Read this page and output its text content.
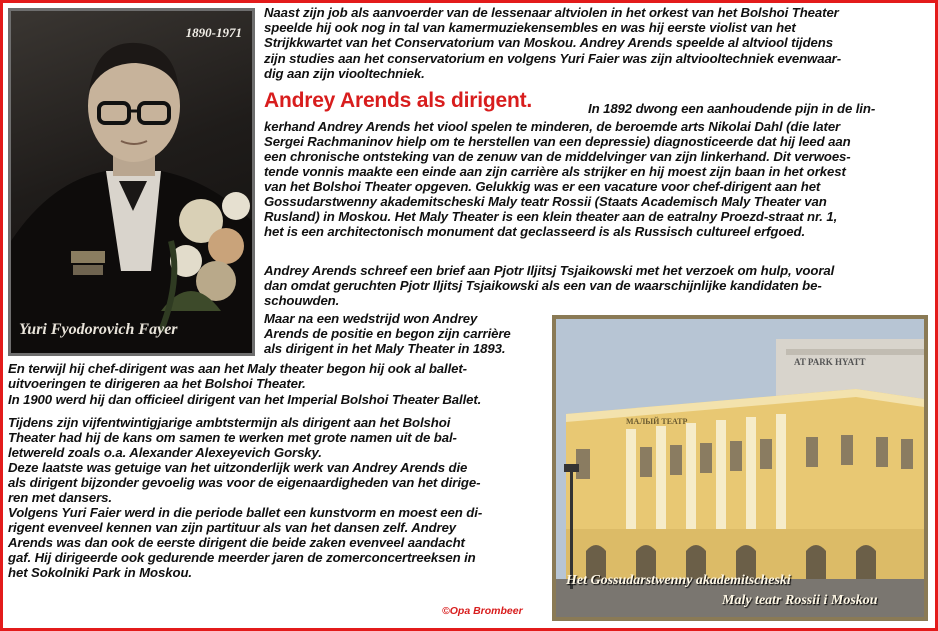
1890-1971
Yuri Fyodorovich Fayer

Naast zijn job als aanvoerder van de lessenaar altviolen in het orkest van het Bolshoi Theater

speelde hij ook nog in tal van kamermuziekensembles en was hij eerste violist van het

Strijkkwartet van het Conservatorium van Moskou. Andrey Arends speelde al altviool tijdens

zijn studies aan het conservatorium en volgens Yuri Faier was zijn altviooltechniek evenwaar-

dig aan zijn viooltechniek.

Andrey Arends als dirigent.	In 1892 dwong een aanhoudende pijn in de lin-

kerhand Andrey Arends het viool spelen te minderen, de beroemde arts Nikolai Dahl (die later

Sergei Rachmaninov hielp om te herstellen van een depressie) diagnosticeerde dat hij leed aan

een chronische ontsteking van de zenuw van de middelvinger van zijn linkerhand. Dit verwoes-

tende vonnis maakte een einde aan zijn carrière als strijker en hij moest zijn baan in het orkest

van het Bolshoi Theater opgeven. Gelukkig was er een vacature voor chef-dirigent aan het

Gossudarstwenny akademitscheski Maly teatr Rossii (Staats Academisch Maly Theater van

Rusland) in Moskou. Het Maly Theater is een klein theater aan de eatralny Proezd-straat nr. 1,

het is een architectonisch monument dat geclasseerd is als Russisch cultureel erfgoed.

Andrey Arends schreef een brief aan Pjotr Iljitsj Tsjaikowski met het verzoek om hulp, vooral

dan omdat geruchten Pjotr Iljitsj Tsjaikowski als een van de waarschijnlijke kandidaten be-

schouwden.

Maar na een wedstrijd won Andrey

Arends de positie en begon zijn carrière

als dirigent in het Maly Theater in 1893.

En terwijl hij chef-dirigent was aan het Maly theater begon hij ook al ballet-

uitvoeringen te dirigeren aa het Bolshoi Theater.

In 1900 werd hij dan officieel dirigent van het Imperial Bolshoi Theater Ballet.

Tijdens zijn vijfentwintigjarige ambtstermijn als dirigent aan het Bolshoi

Theater had hij de kans om samen te werken met grote namen uit de bal-

letwereld zoals o.a. Alexander Alexeyevich Gorsky.

Deze laatste was getuige van het uitzonderlijk werk van Andrey Arends die

als dirigent bijzonder gevoelig was voor de eigenaardigheden van het dirige-

ren met dansers.

Volgens Yuri Faier werd in die periode ballet een kunstvorm en moest een di-

rigent evenveel kennen van zijn partituur als van het dansen zelf. Andrey

Arends was dan ook de eerste dirigent die beide zaken evenveel aandacht

gaf. Hij dirigeerde ook gedurende meerder jaren de zomerconcertreeksen in

het Sokolniki Park in Moskou.

©Opa Brombeer
МАЛЫЙ ТЕАТР
AT PARK HYATT
Het Gossudarstwenny akademitscheski
Maly teatr Rossii i Moskou
